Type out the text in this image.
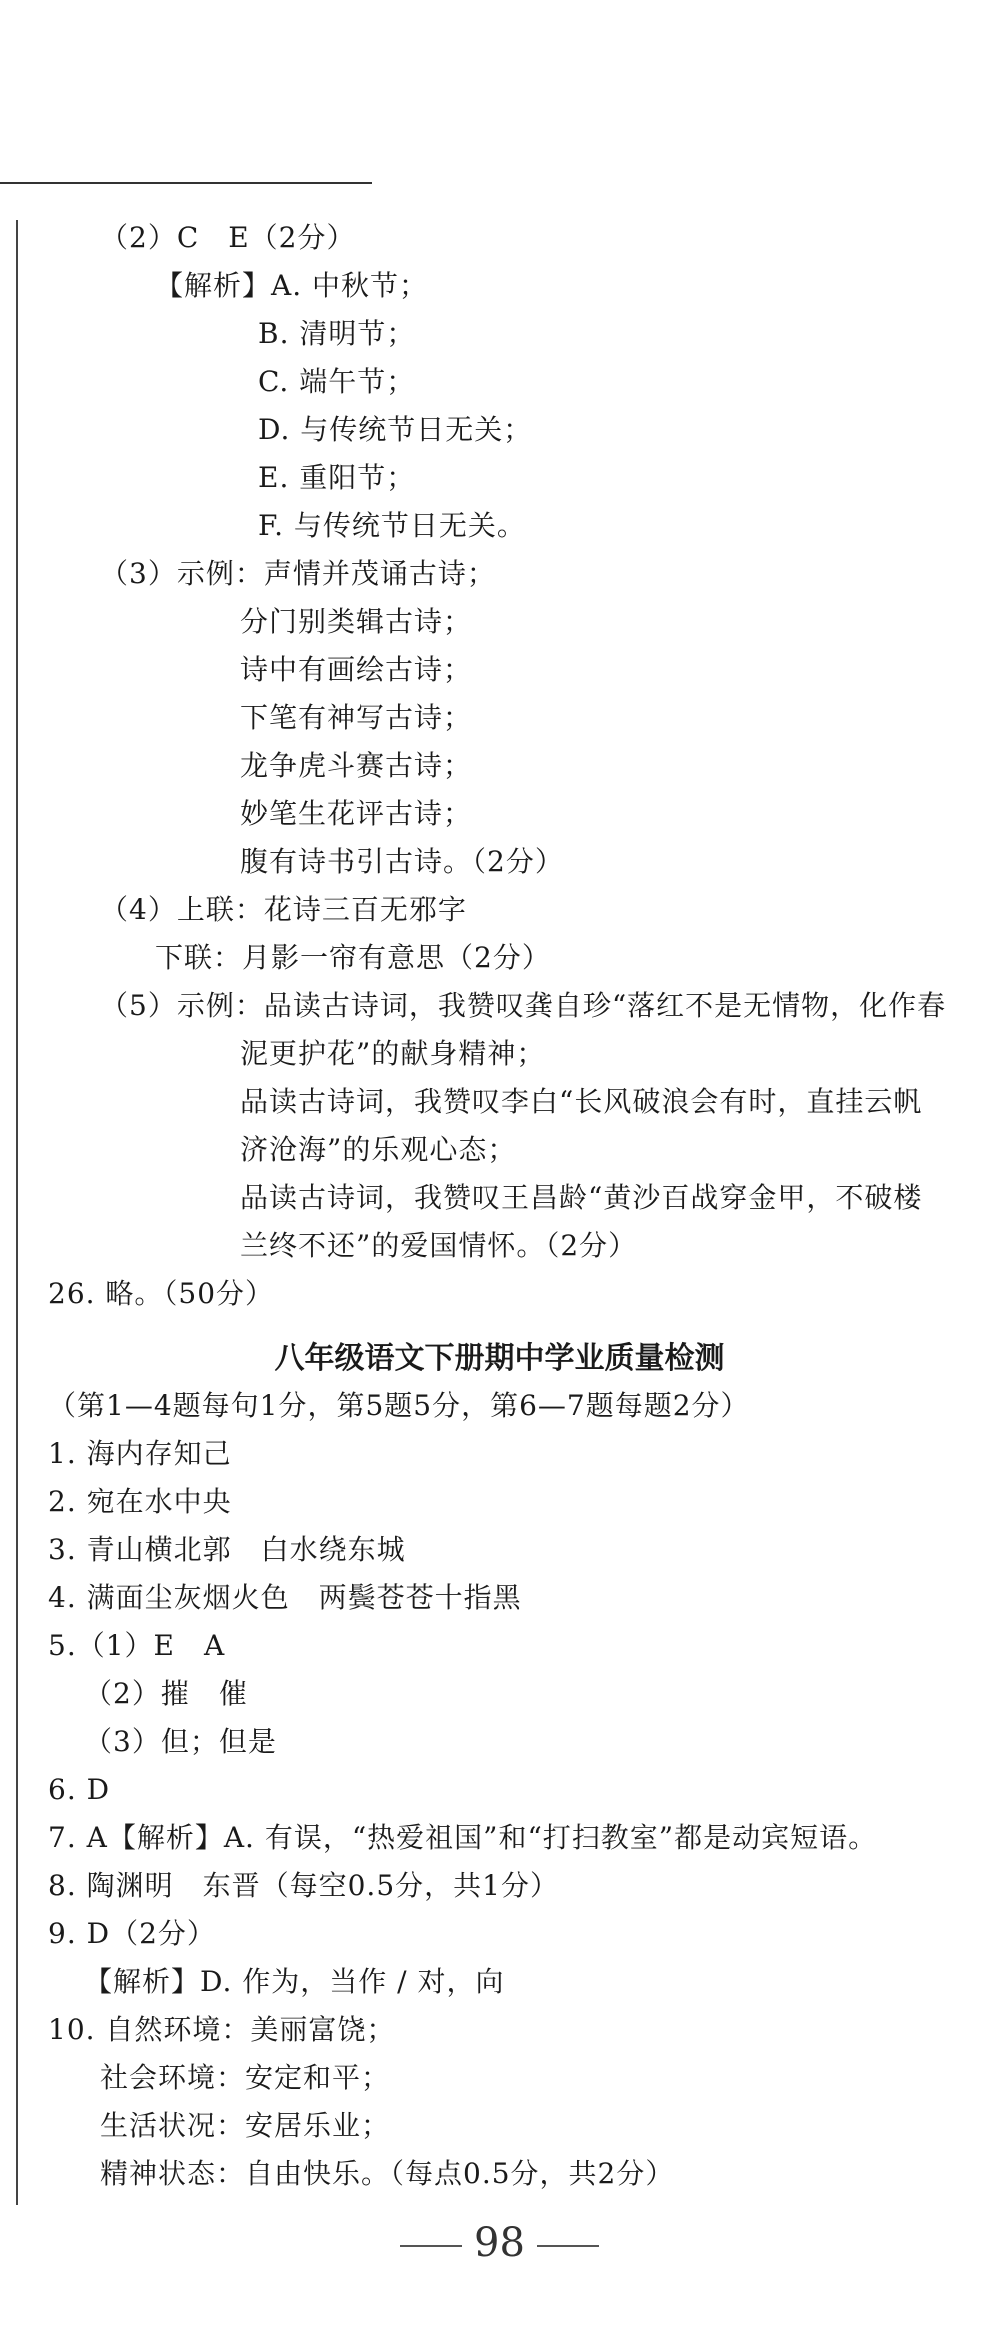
（2）C　E（2分）
【解析】A. 中秋节；
B. 清明节；
C. 端午节；
D. 与传统节日无关；
E. 重阳节；
F. 与传统节日无关。
（3）示例：声情并茂诵古诗；
分门别类辑古诗；
诗中有画绘古诗；
下笔有神写古诗；
龙争虎斗赛古诗；
妙笔生花评古诗；
腹有诗书引古诗。（2分）
（4）上联：花诗三百无邪字
下联：月影一帘有意思（2分）
（5）示例：品读古诗词，我赞叹龚自珍“落红不是无情物，化作春
泥更护花”的献身精神；
品读古诗词，我赞叹李白“长风破浪会有时，直挂云帆
济沧海”的乐观心态；
品读古诗词，我赞叹王昌龄“黄沙百战穿金甲，不破楼
兰终不还”的爱国情怀。（2分）
26. 略。（50分）
八年级语文下册期中学业质量检测
（第1—4题每句1分，第5题5分，第6—7题每题2分）
1. 海内存知己
2. 宛在水中央
3. 青山横北郭　白水绕东城
4. 满面尘灰烟火色　两鬓苍苍十指黑
5.（1）E　A
（2）摧　催
（3）但；但是
6. D
7. A【解析】A. 有误，“热爱祖国”和“打扫教室”都是动宾短语。
8. 陶渊明　东晋（每空0.5分，共1分）
9. D（2分）
【解析】D. 作为，当作 / 对，向
10. 自然环境：美丽富饶；
社会环境：安定和平；
生活状况：安居乐业；
精神状态：自由快乐。（每点0.5分，共2分）
98
